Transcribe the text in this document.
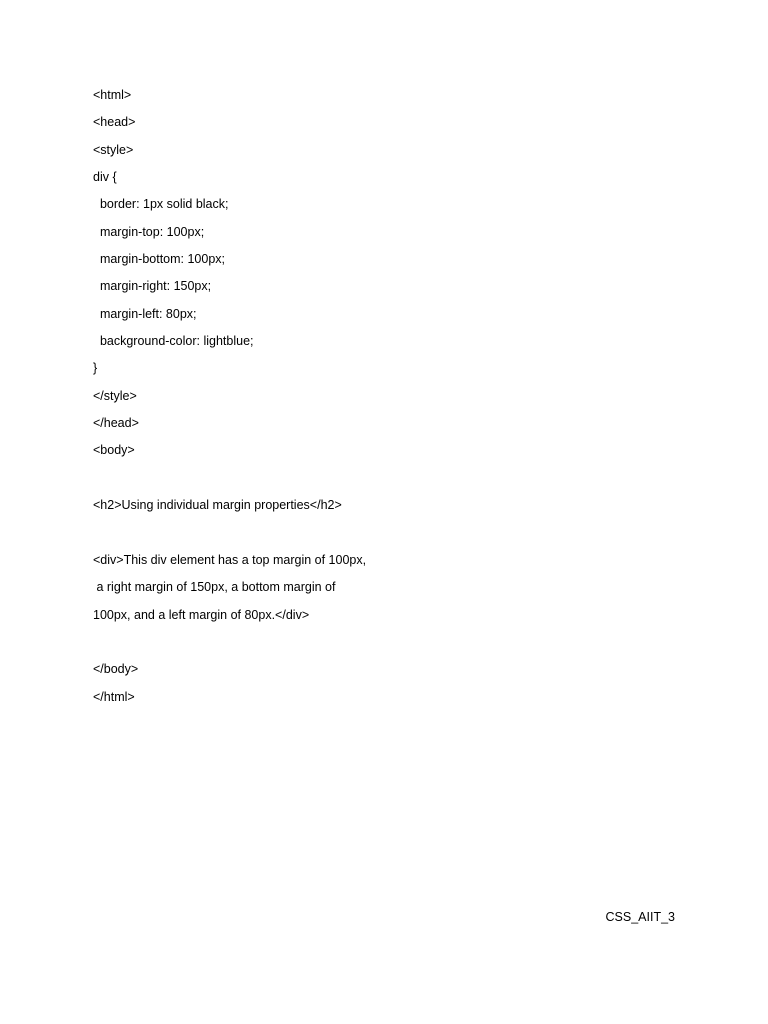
<html>
<head>
<style>
div {
border: 1px solid black;
margin-top: 100px;
margin-bottom: 100px;
margin-right: 150px;
margin-left: 80px;
background-color: lightblue;
}
</style>
</head>
<body>
<h2>Using individual margin properties</h2>
<div>This div element has a top margin of 100px,
a right margin of 150px, a bottom margin of
100px, and a left margin of 80px.</div>
</body>
</html>
CSS_AIIT_3
